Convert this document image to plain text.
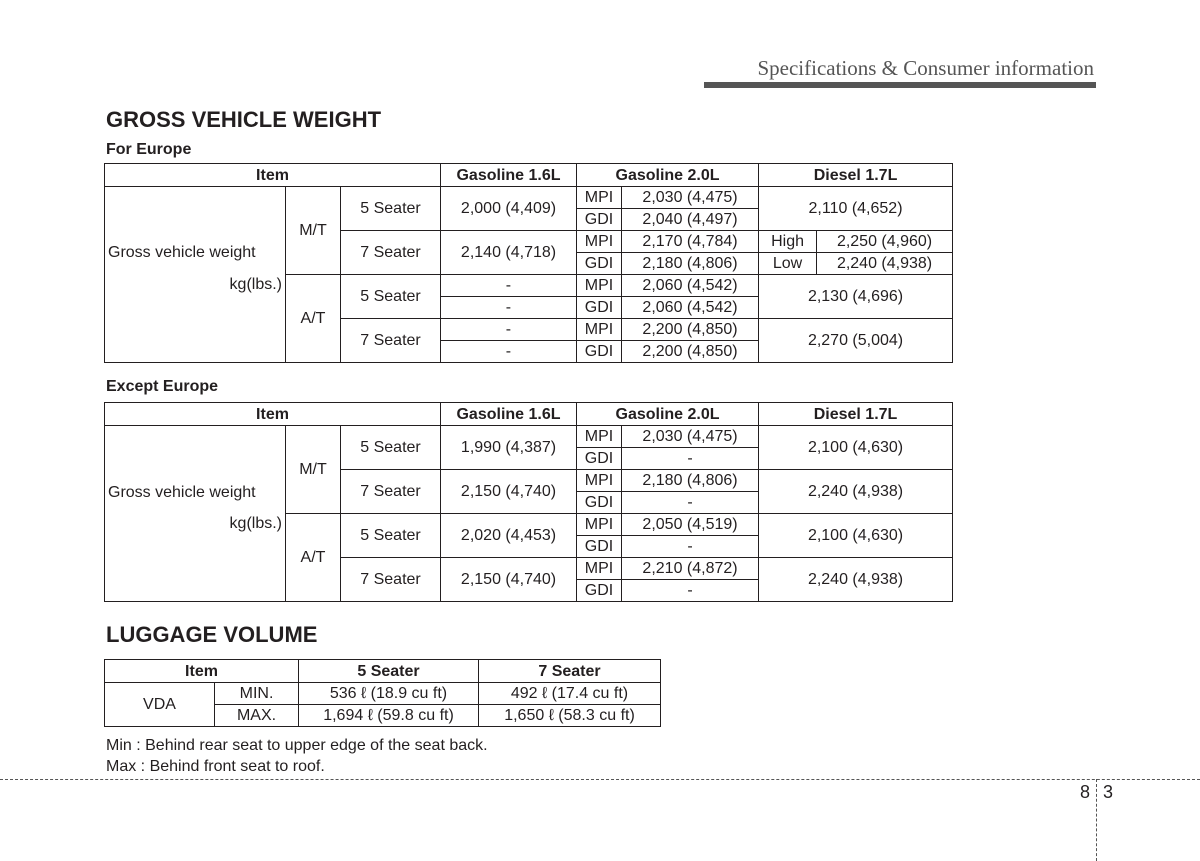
Specifications & Consumer information
GROSS VEHICLE WEIGHT
For Europe
Item			Gasoline 1.6L	Gasoline 2.0L		Diesel 1.7L	

Gross vehicle weight
kg(lbs.)	M/T	5 Seater	2,000 (4,409)	MPI	2,030 (4,475)	2,110 (4,652)	
				GDI	2,040 (4,497)		
		7 Seater	2,140 (4,718)	MPI	2,170 (4,784)	High	2,250 (4,960)
				GDI	2,180 (4,806)	Low	2,240 (4,938)
	A/T	5 Seater	-	MPI	2,060 (4,542)	2,130 (4,696)	
			-	GDI	2,060 (4,542)		
		7 Seater	-	MPI	2,200 (4,850)	2,270 (5,004)	
			-	GDI	2,200 (4,850)		
Except Europe
Item			Gasoline 1.6L	Gasoline 2.0L		Diesel 1.7L

Gross vehicle weight
kg(lbs.)	M/T	5 Seater	1,990 (4,387)	MPI	2,030 (4,475)	2,100 (4,630)
				GDI	-	
		7 Seater	2,150 (4,740)	MPI	2,180 (4,806)	2,240 (4,938)
				GDI	-	
	A/T	5 Seater	2,020 (4,453)	MPI	2,050 (4,519)	2,100 (4,630)
				GDI	-	
		7 Seater	2,150 (4,740)	MPI	2,210 (4,872)	2,240 (4,938)
				GDI	-	
LUGGAGE VOLUME
Item		5 Seater	7 Seater
VDA	MIN.	536 ℓ (18.9 cu ft)	492 ℓ (17.4 cu ft)
	MAX.	1,694 ℓ (59.8 cu ft)	1,650 ℓ (58.3 cu ft)
Min : Behind rear seat to upper edge of the seat back.
Max : Behind front seat to roof.
8 3
